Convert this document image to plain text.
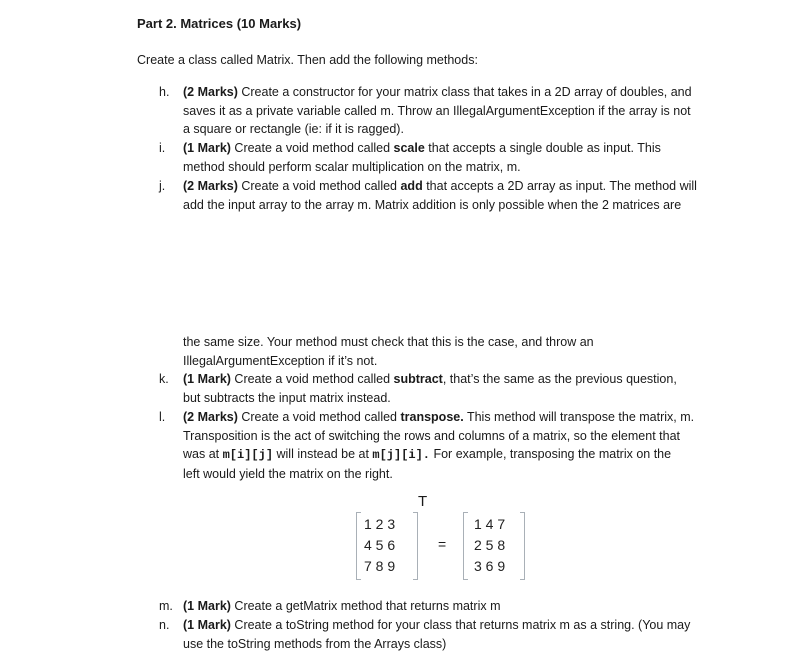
Part 2. Matrices (10 Marks)
Create a class called Matrix. Then add the following methods:
h.	(2 Marks) Create a constructor for your matrix class that takes in a 2D array of doubles, and
saves it as a private variable called m. Throw an IllegalArgumentException if the array is not
a square or rectangle (ie: if it is ragged).
i.	(1 Mark) Create a void method called scale that accepts a single double as input. This
method should perform scalar multiplication on the matrix, m.
j.	(2 Marks) Create a void method called add that accepts a 2D array as input. The method will
add the input array to the array m. Matrix addition is only possible when the 2 matrices are
the same size. Your method must check that this is the case, and throw an
IllegalArgumentException if it’s not.
k.	(1 Mark) Create a void method called subtract, that’s the same as the previous question,
but subtracts the input matrix instead.
l.	(2 Marks) Create a void method called transpose. This method will transpose the matrix, m.
Transposition is the act of switching the rows and columns of a matrix, so the element that
was at m[i][j] will instead be at m[j][i]. For example, transposing the matrix on the
left would yield the matrix on the right.
T
1 2 3
4 5 6
7 8 9
=
1 4 7
2 5 8
3 6 9
m. (1 Mark) Create a getMatrix method that returns matrix m
n.	(1 Mark) Create a toString method for your class that returns matrix m as a string. (You may
use the toString methods from the Arrays class)
